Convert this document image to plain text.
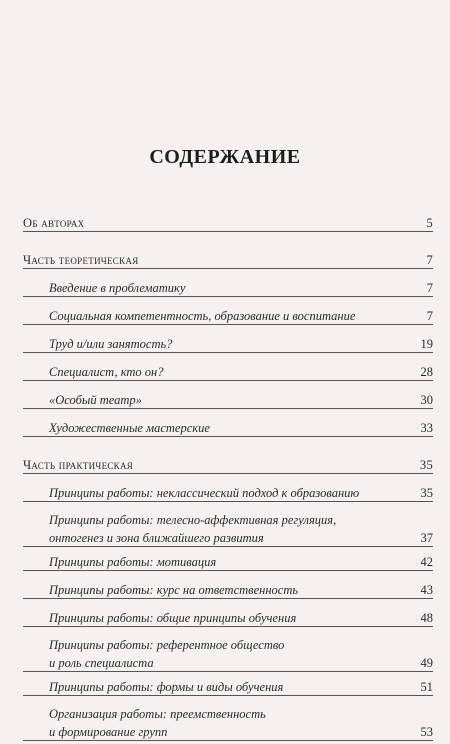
СОДЕРЖАНИЕ
Об авторах	5
Часть теоретическая	7
Введение в проблематику	7
Социальная компетентность, образование и воспитание	7
Труд и/или занятость?	19
Специалист, кто он?	28
«Особый театр»	30
Художественные мастерские	33
Часть практическая	35
Принципы работы: неклассический подход к образованию	35
Принципы работы: телесно-аффективная регуляция,
онтогенез и зона ближайшего развития	37
Принципы работы: мотивация	42
Принципы работы: курс на ответственность	43
Принципы работы: общие принципы обучения	48
Принципы работы: референтное общество
и роль специалиста	49
Принципы работы: формы и виды обучения	51
Организация работы: преемственность
и формирование групп	53
